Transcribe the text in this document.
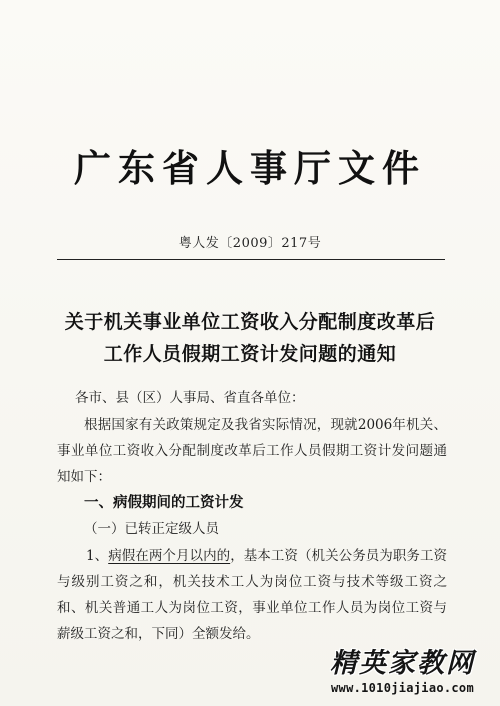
广东省人事厅文件
粤人发〔2009〕217号
关于机关事业单位工资收入分配制度改革后
工作人员假期工资计发问题的通知
各市、县（区）人事局、省直各单位：
根据国家有关政策规定及我省实际情况，现就2006年机关、事业单位工资收入分配制度改革后工作人员假期工资计发问题通知如下：
一、病假期间的工资计发
（一）已转正定级人员
1、病假在两个月以内的，基本工资（机关公务员为职务工资与级别工资之和，机关技术工人为岗位工资与技术等级工资之和、机关普通工人为岗位工资，事业单位工作人员为岗位工资与薪级工资之和，下同）全额发给。
精英家教网
www.1010jiajiao.com
